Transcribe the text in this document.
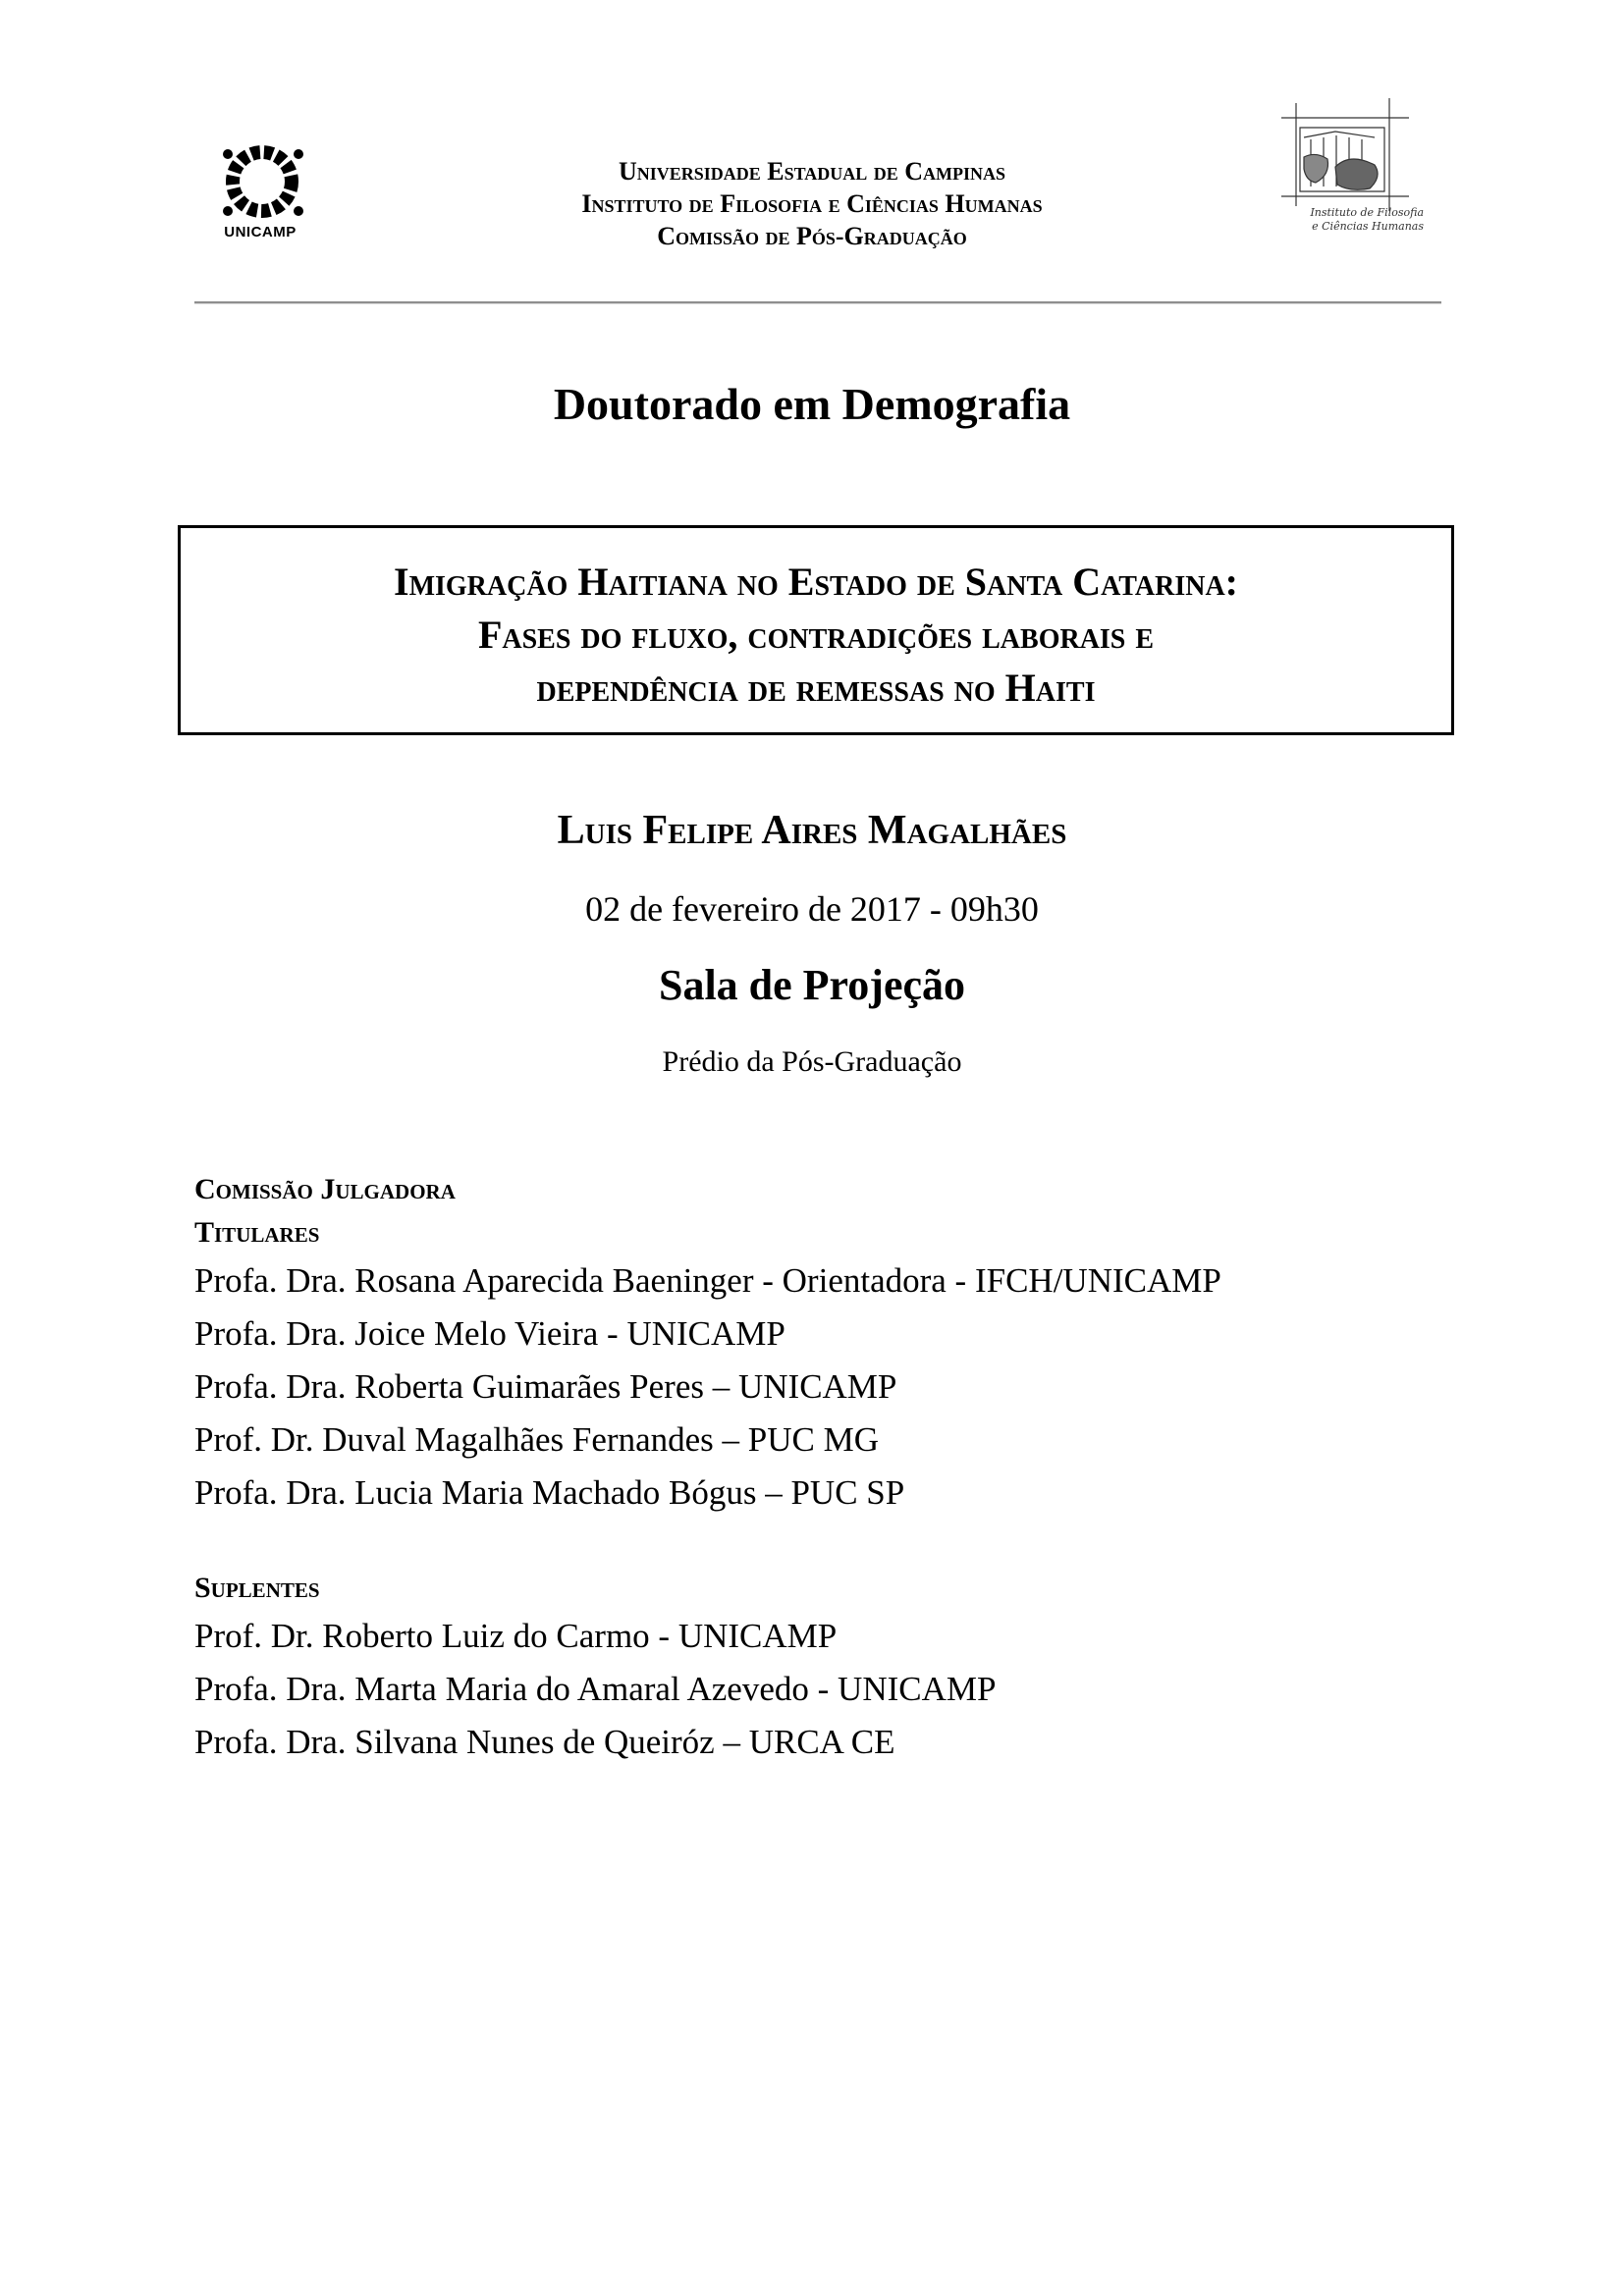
UNICAMP
Instituto de Filosofia
e Ciências Humanas
Universidade Estadual de Campinas
Instituto de Filosofia e Ciências Humanas
Comissão de Pós-Graduação
Doutorado em Demografia
Imigração Haitiana no Estado de Santa Catarina:
Fases do fluxo, contradições laborais e
dependência de remessas no Haiti
Luis Felipe Aires Magalhães
02 de fevereiro de 2017 - 09h30
Sala de Projeção
Prédio da Pós-Graduação
Comissão Julgadora
Titulares
Profa. Dra. Rosana Aparecida Baeninger - Orientadora - IFCH/UNICAMP
Profa. Dra. Joice Melo Vieira - UNICAMP
Profa. Dra. Roberta Guimarães Peres – UNICAMP
Prof. Dr. Duval Magalhães Fernandes – PUC MG
Profa. Dra. Lucia Maria Machado Bógus – PUC SP
Suplentes
Prof. Dr. Roberto Luiz do Carmo - UNICAMP
Profa. Dra. Marta Maria do Amaral Azevedo - UNICAMP
Profa. Dra. Silvana Nunes de Queiróz – URCA CE
